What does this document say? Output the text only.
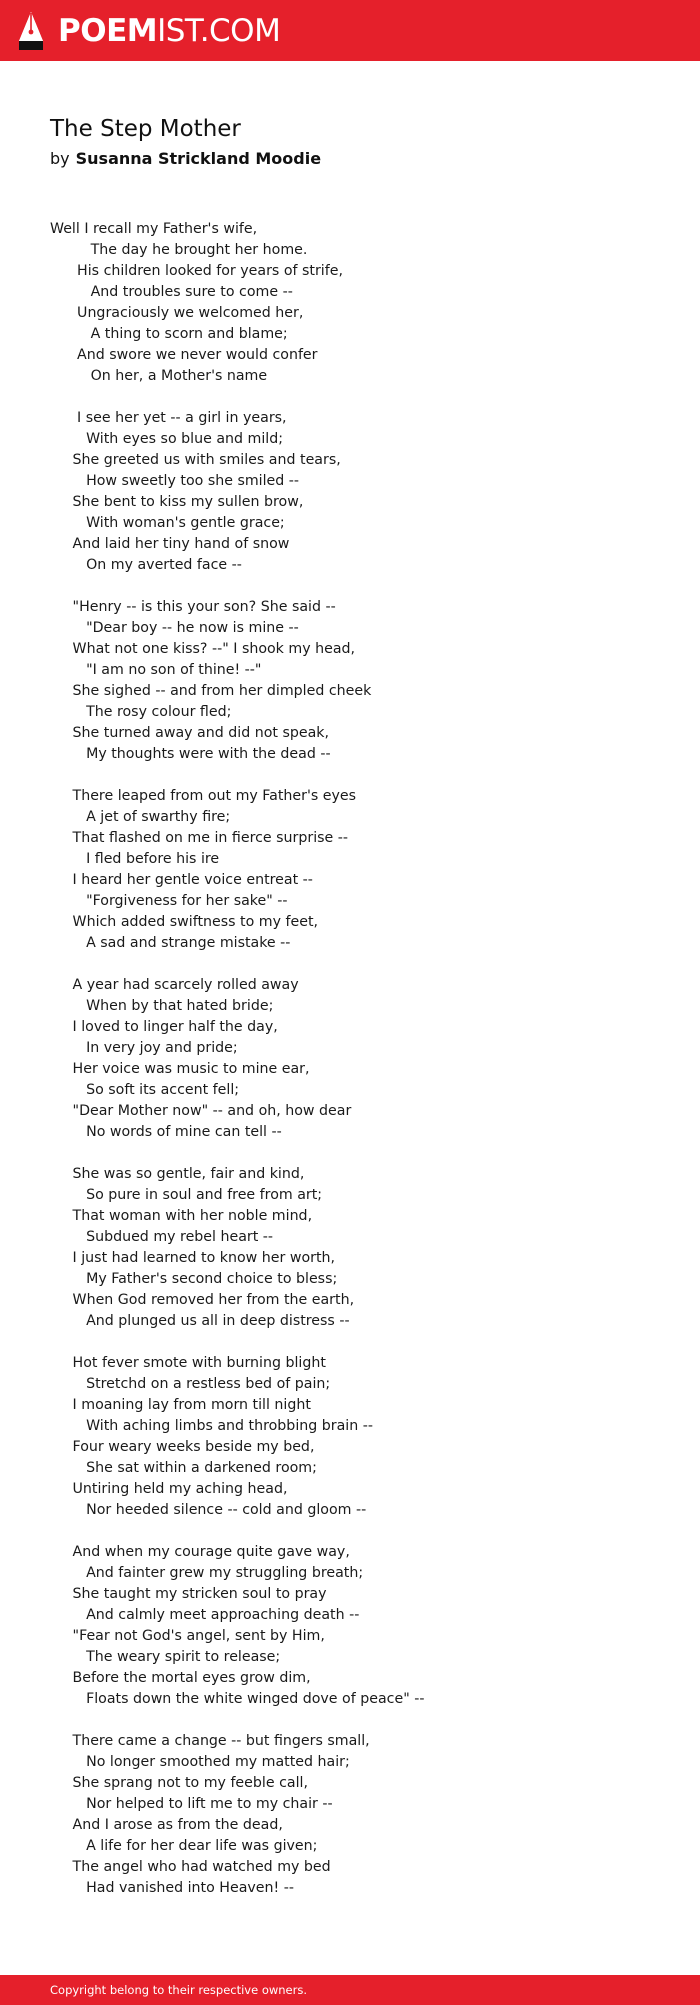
POEMIST.COM
The Step Mother
by Susanna Strickland Moodie
Well I recall my Father's wife,
The day he brought her home.
His children looked for years of strife,
And troubles sure to come --
Ungraciously we welcomed her,
A thing to scorn and blame;
And swore we never would confer
On her, a Mother's name
I see her yet -- a girl in years,
With eyes so blue and mild;
She greeted us with smiles and tears,
How sweetly too she smiled --
She bent to kiss my sullen brow,
With woman's gentle grace;
And laid her tiny hand of snow
On my averted face --
"Henry -- is this your son? She said --
"Dear boy -- he now is mine --
What not one kiss? --" I shook my head,
"I am no son of thine! --"
She sighed -- and from her dimpled cheek
The rosy colour fled;
She turned away and did not speak,
My thoughts were with the dead --
There leaped from out my Father's eyes
A jet of swarthy fire;
That flashed on me in fierce surprise --
I fled before his ire
I heard her gentle voice entreat --
"Forgiveness for her sake" --
Which added swiftness to my feet,
A sad and strange mistake --
A year had scarcely rolled away
When by that hated bride;
I loved to linger half the day,
In very joy and pride;
Her voice was music to mine ear,
So soft its accent fell;
"Dear Mother now" -- and oh, how dear
No words of mine can tell --
She was so gentle, fair and kind,
So pure in soul and free from art;
That woman with her noble mind,
Subdued my rebel heart --
I just had learned to know her worth,
My Father's second choice to bless;
When God removed her from the earth,
And plunged us all in deep distress --
Hot fever smote with burning blight
Stretchd on a restless bed of pain;
I moaning lay from morn till night
With aching limbs and throbbing brain --
Four weary weeks beside my bed,
She sat within a darkened room;
Untiring held my aching head,
Nor heeded silence -- cold and gloom --
And when my courage quite gave way,
And fainter grew my struggling breath;
She taught my stricken soul to pray
And calmly meet approaching death --
"Fear not God's angel, sent by Him,
The weary spirit to release;
Before the mortal eyes grow dim,
Floats down the white winged dove of peace" --
There came a change -- but fingers small,
No longer smoothed my matted hair;
She sprang not to my feeble call,
Nor helped to lift me to my chair --
And I arose as from the dead,
A life for her dear life was given;
The angel who had watched my bed
Had vanished into Heaven! --
Copyright belong to their respective owners.
